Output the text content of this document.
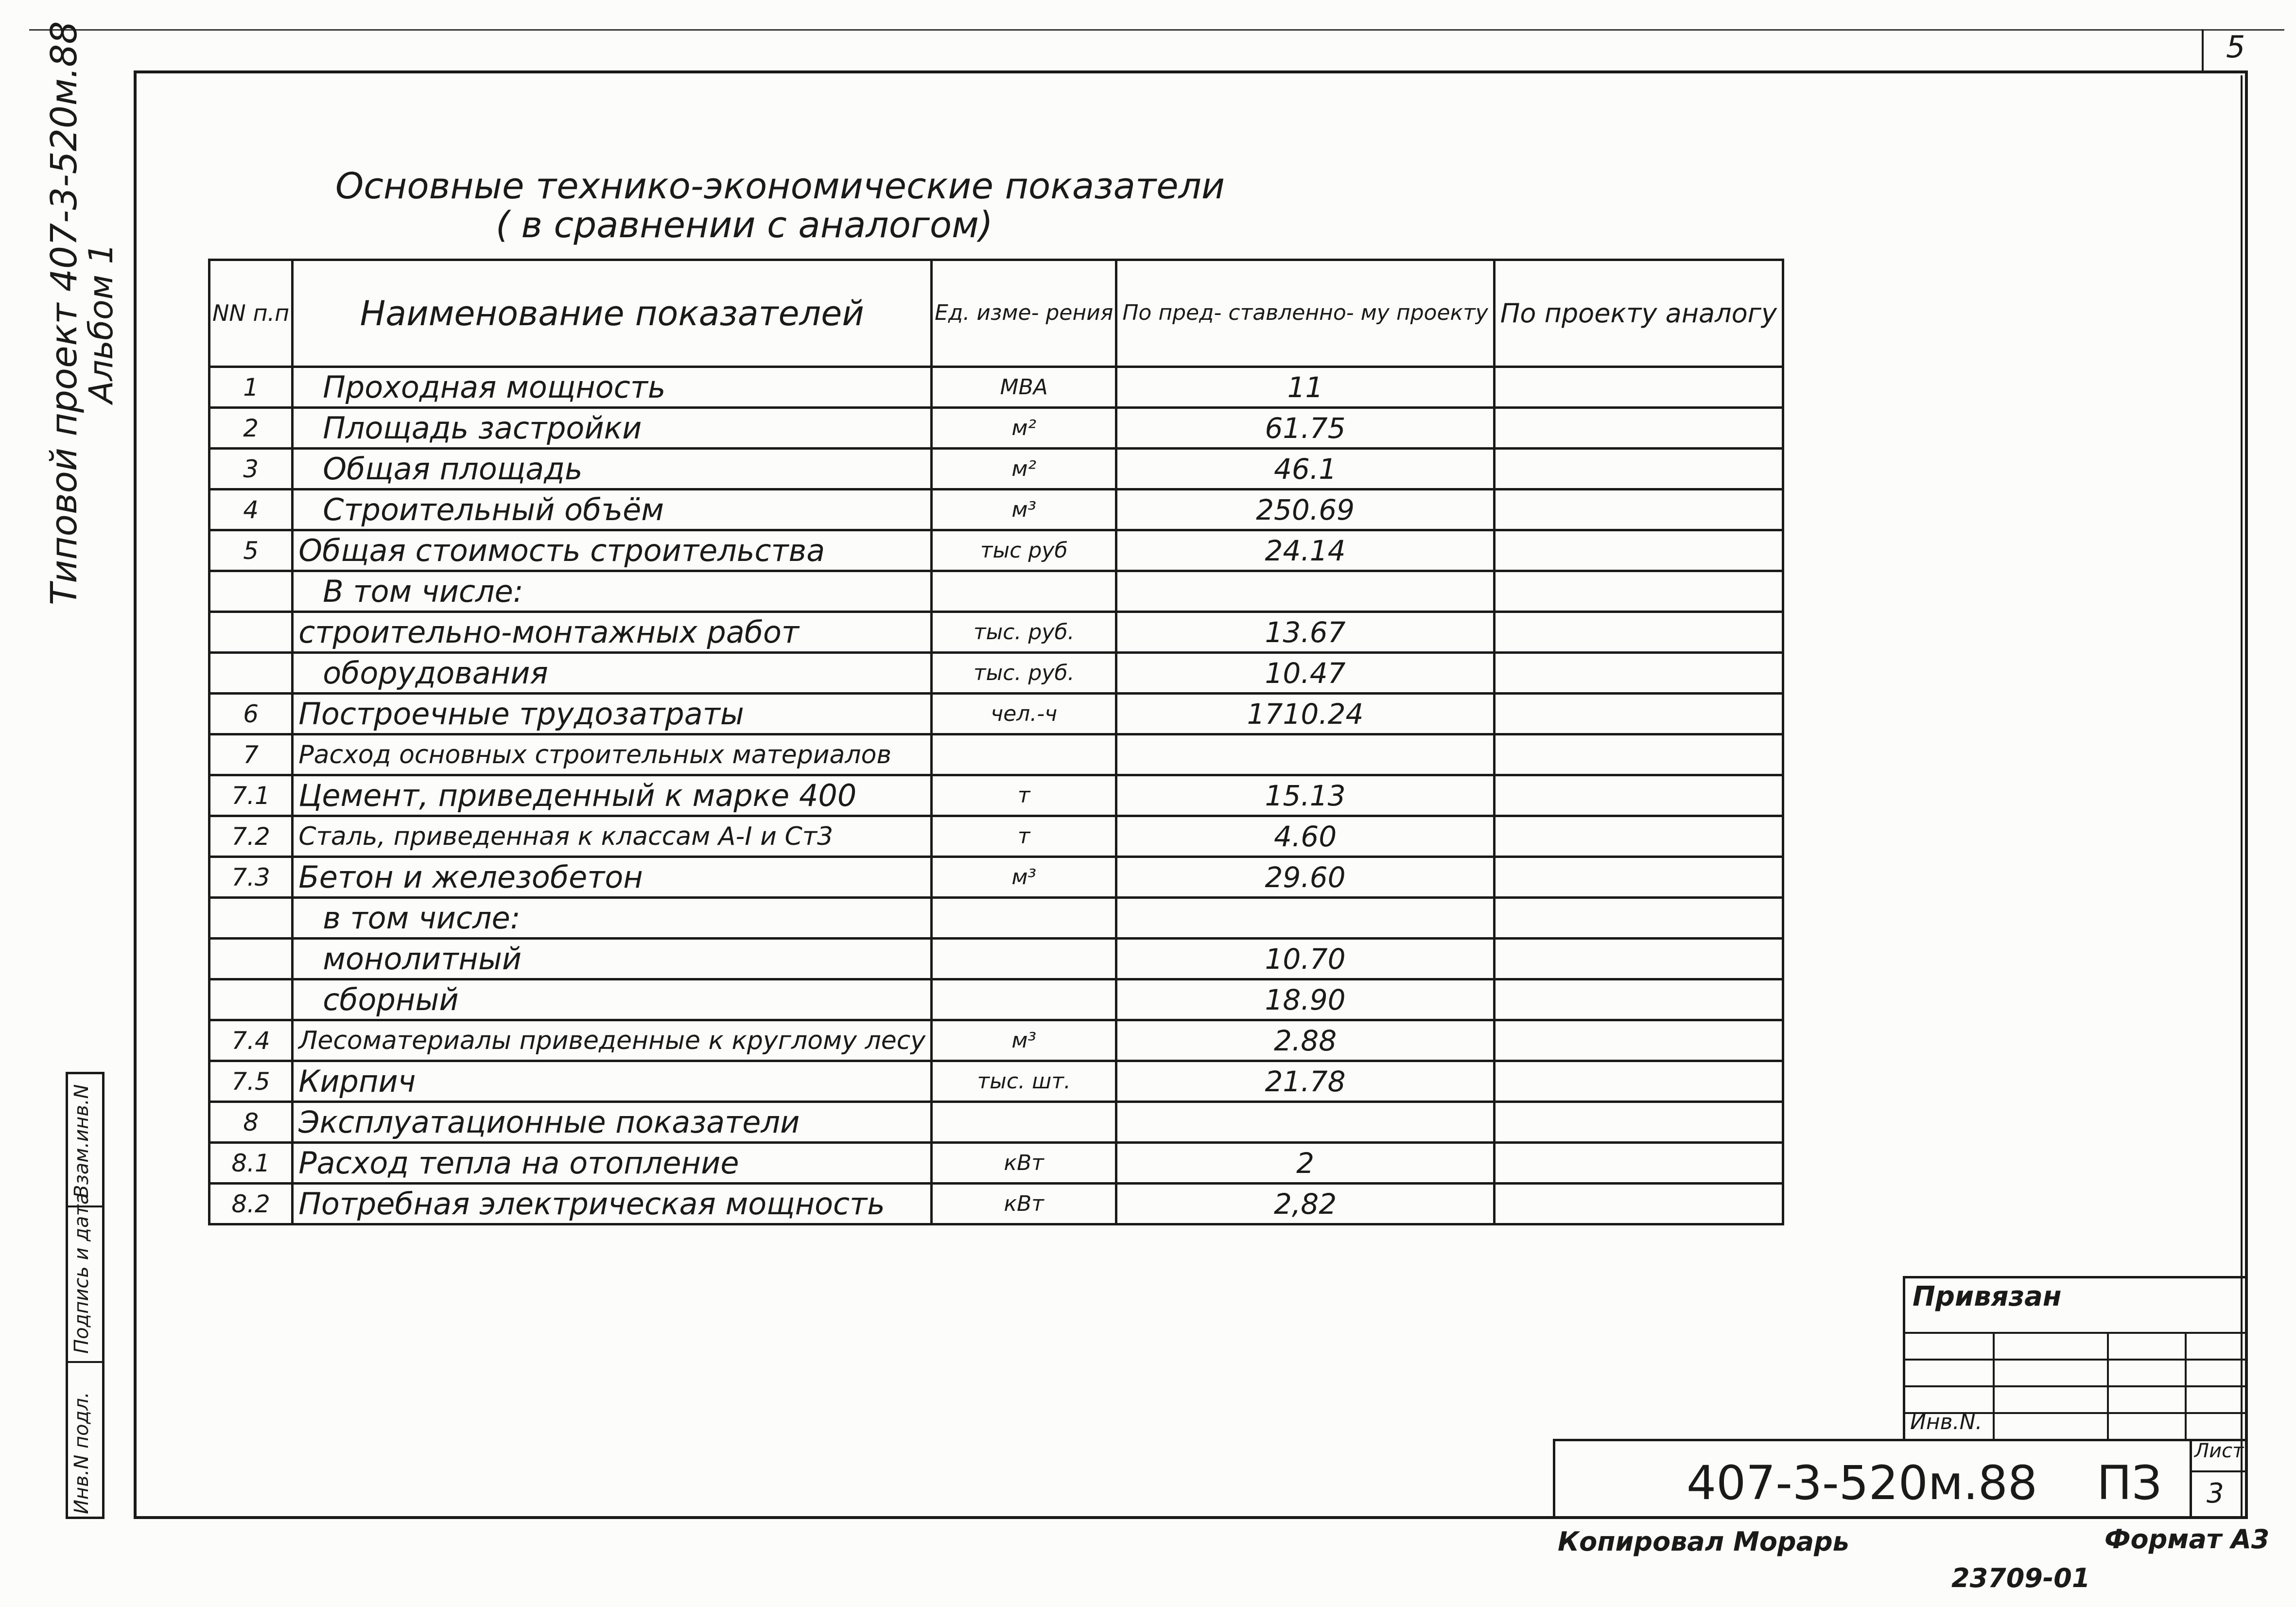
5
Типовой проект 407-3-520м.88
Альбом 1
Взам.инв.N
Подпись и дата
Инв.N подл.
Основные технико-экономические показатели
( в сравнении с аналогом)
NN п.п	Наименование показателей	Ед. изме- рения	По пред- ставленно- му проекту	По проекту аналогу
1	Проходная мощность	МВА	11	
2	Площадь застройки	м²	61.75	
3	Общая площадь	м²	46.1	
4	Строительный объём	м³	250.69	
5	Общая стоимость строительства	тыс руб	24.14	
	В том числе:			
	строительно-монтажных работ	тыс. руб.	13.67	
	оборудования	тыс. руб.	10.47	
6	Построечные трудозатраты	чел.-ч	1710.24	
7	Расход основных строительных материалов			
7.1	Цемент, приведенный к марке 400	т	15.13	
7.2	Сталь, приведенная к классам А-I и Ст3	т	4.60	
7.3	Бетон и железобетон	м³	29.60	
	в том числе:			
	монолитный		10.70	
	сборный		18.90	
7.4	Лесоматериалы приведенные к круглому лесу	м³	2.88	
7.5	Кирпич	тыс. шт.	21.78	
8	Эксплуатационные показатели			
8.1	Расход тепла на отопление	кВт	2	
8.2	Потребная электрическая мощность	кВт	2,82	
Привязан
Инв.N.
407-3-520м.88 ПЗ
Лист
3
Копировал Морарь	Формат А3
23709-01
